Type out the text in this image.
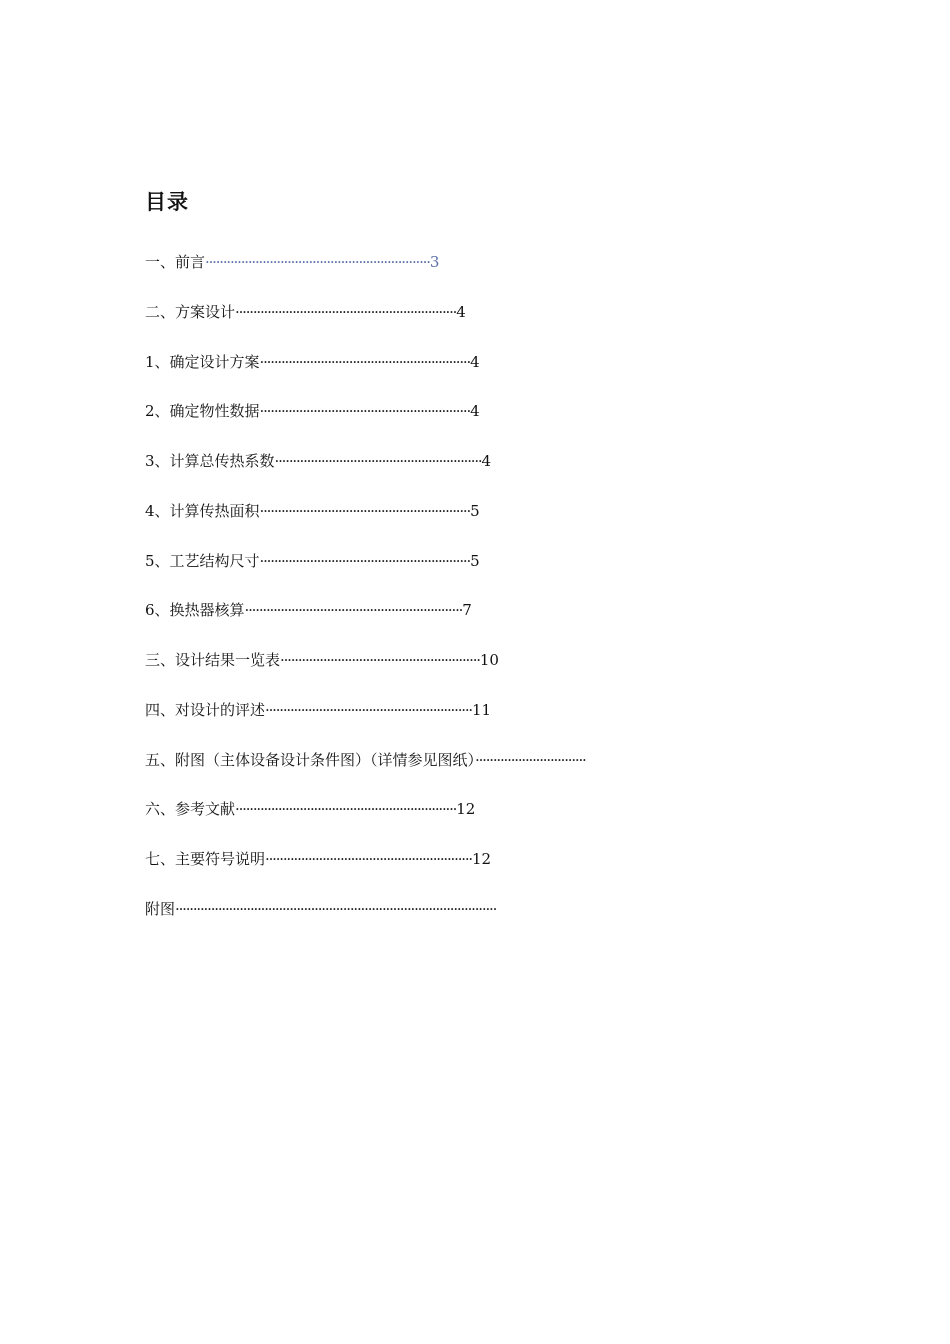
目录
一、前言·······························································3
二、方案设计······························································4
1、确定设计方案···························································4
2、确定物性数据···························································4
3、计算总传热系数··························································4
4、计算传热面积···························································5
5、工艺结构尺寸···························································5
6、换热器核算·····························································7
三、设计结果一览表························································10
四、对设计的评述··························································11
五、附图（主体设备设计条件图）（详情参见图纸）·······························
六、参考文献······························································12
七、主要符号说明··························································12
附图··························································································
